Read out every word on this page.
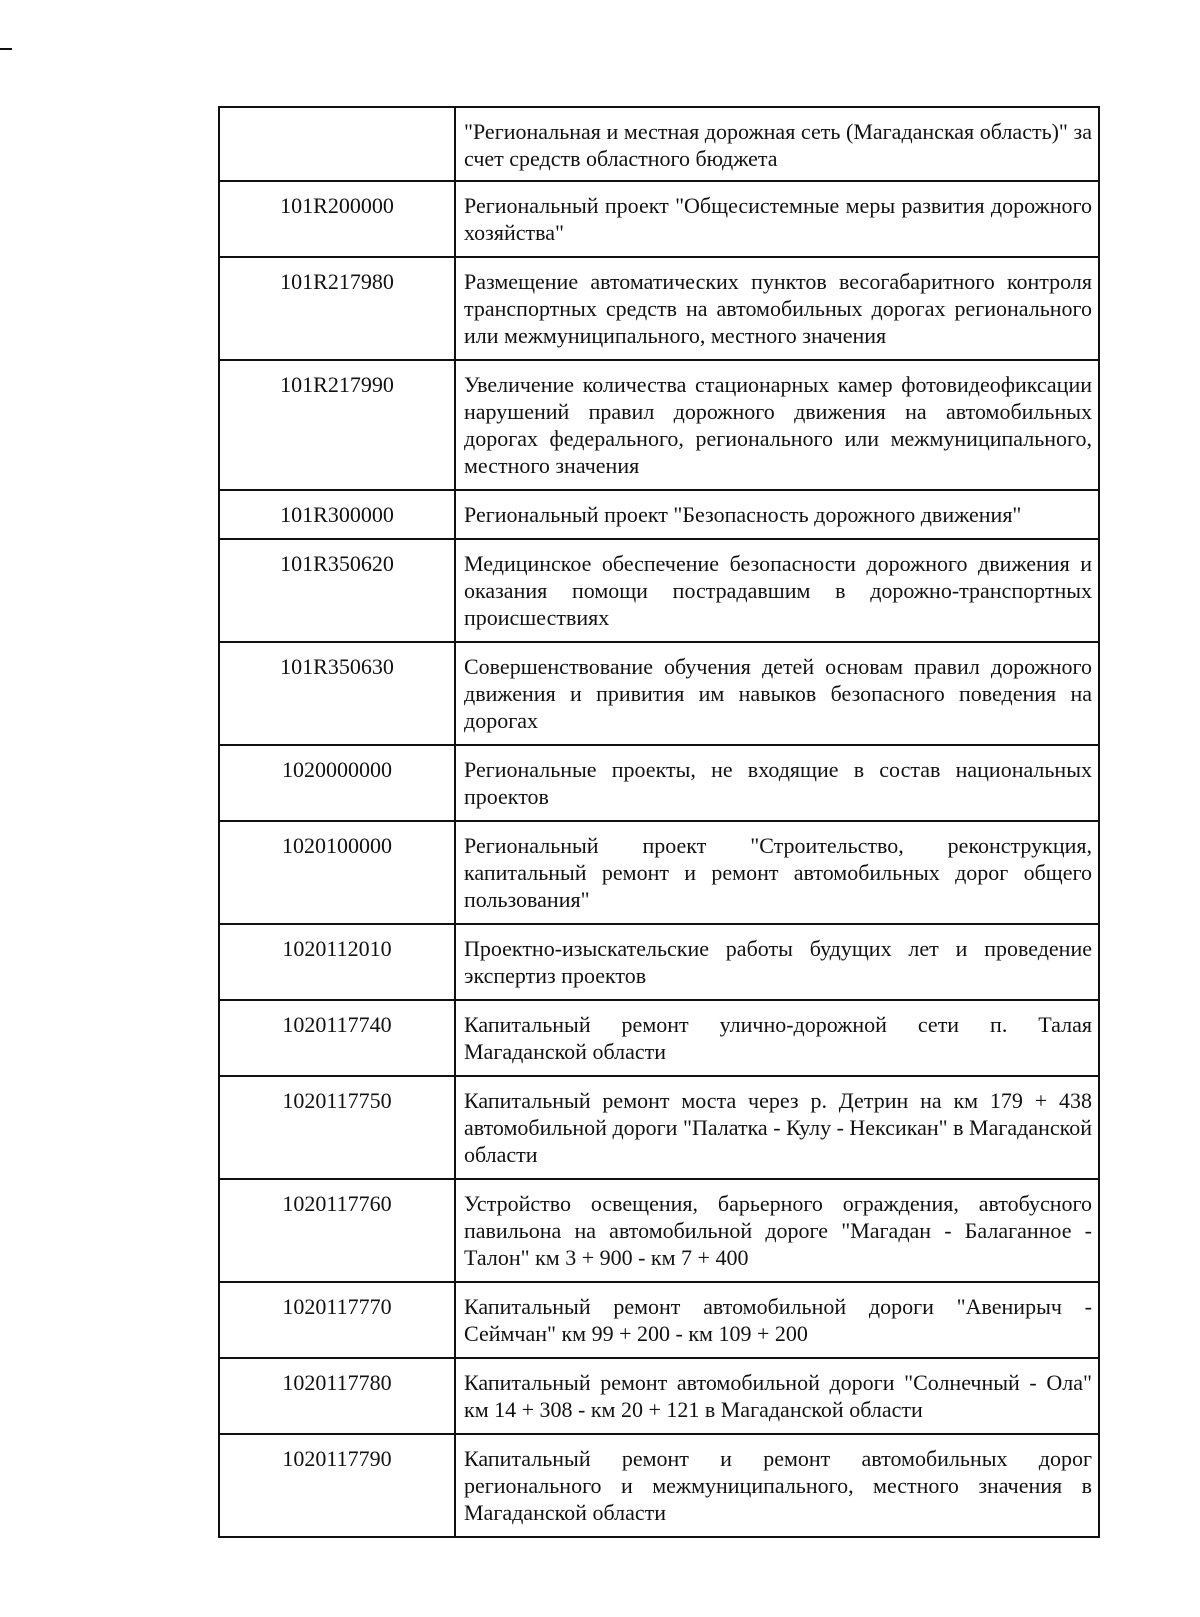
	"Региональная и местная дорожная сеть (Магаданская область)" за счет средств областного бюджета
101R200000	Региональный проект "Общесистемные меры развития дорожного хозяйства"
101R217980	Размещение автоматических пунктов весогабаритного контроля транспортных средств на автомобильных дорогах регионального или межмуниципального, местного значения
101R217990	Увеличение количества стационарных камер фотовидеофиксации нарушений правил дорожного движения на автомобильных дорогах федерального, регионального или межмуниципального, местного значения
101R300000	Региональный проект "Безопасность дорожного движения"
101R350620	Медицинское обеспечение безопасности дорожного движения и оказания помощи пострадавшим в дорожно-транспортных происшествиях
101R350630	Совершенствование обучения детей основам правил дорожного движения и привития им навыков безопасного поведения на дорогах
1020000000	Региональные проекты, не входящие в состав национальных проектов
1020100000	Региональный проект "Строительство, реконструкция, капитальный ремонт и ремонт автомобильных дорог общего пользования"
1020112010	Проектно-изыскательские работы будущих лет и проведение экспертиз проектов
1020117740	Капитальный ремонт улично-дорожной сети п. Талая Магаданской области
1020117750	Капитальный ремонт моста через р. Детрин на км 179 + 438 автомобильной дороги "Палатка - Кулу - Нексикан" в Магаданской области
1020117760	Устройство освещения, барьерного ограждения, автобусного павильона на автомобильной дороге "Магадан - Балаганное - Талон" км 3 + 900 - км 7 + 400
1020117770	Капитальный ремонт автомобильной дороги "Авенирыч - Сеймчан" км 99 + 200 - км 109 + 200
1020117780	Капитальный ремонт автомобильной дороги "Солнечный - Ола" км 14 + 308 - км 20 + 121 в Магаданской области
1020117790	Капитальный ремонт и ремонт автомобильных дорог регионального и межмуниципального, местного значения в Магаданской области
